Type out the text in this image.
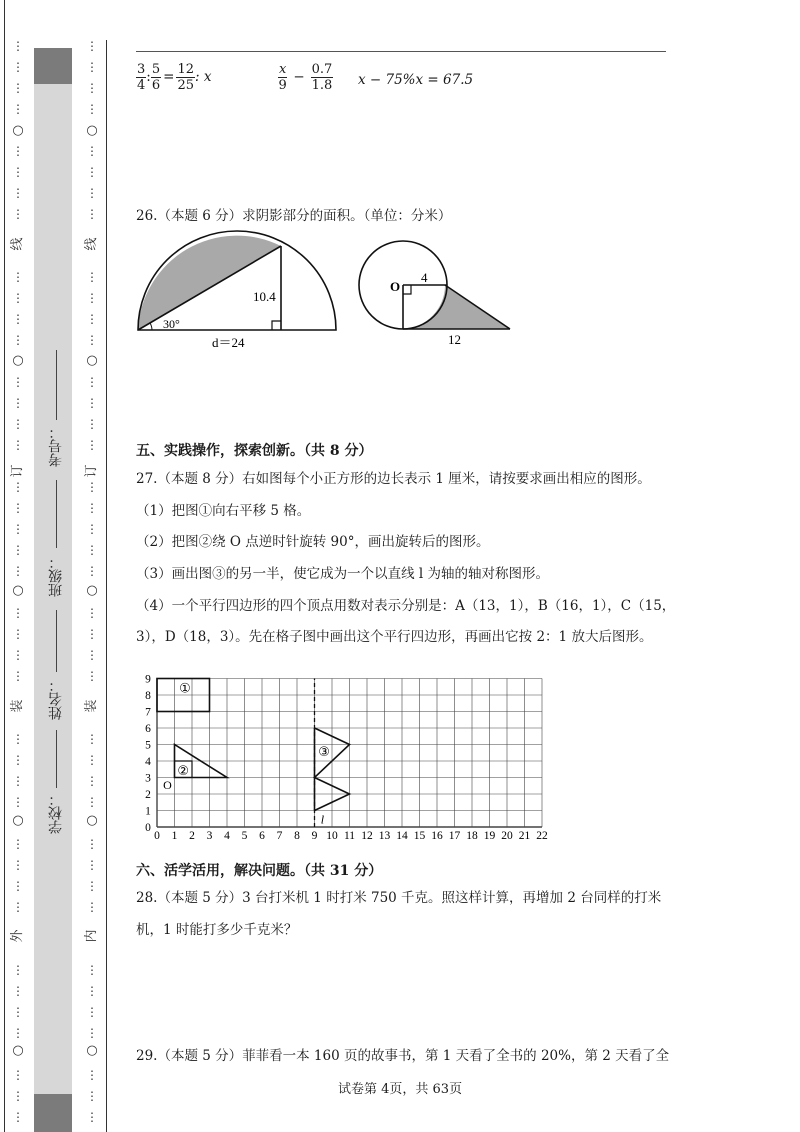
⋮
⋮
⋮
⋮
○
⋮
⋮
⋮
⋮
线
⋮
⋮
⋮
⋮
○
⋮
⋮
⋮
⋮
订
⋮
⋮
⋮
⋮
⋮
○
⋮
⋮
⋮
⋮
装
⋮
⋮
⋮
⋮
○
⋮
⋮
⋮
⋮
外
⋮
⋮
⋮
⋮
○
⋮
⋮
⋮
⋮
⋮
⋮
⋮
○
⋮
⋮
⋮
⋮
线
⋮
⋮
⋮
⋮
○
⋮
⋮
⋮
⋮
订
⋮
⋮
⋮
⋮
⋮
○
⋮
⋮
⋮
⋮
装
⋮
⋮
⋮
⋮
○
⋮
⋮
⋮
⋮
内
⋮
⋮
⋮
⋮
○
⋮
⋮
⋮
考号：
班级：
姓名：
学校：
$\frac{3}{4}$ : $\frac{5}{6} = \frac{12}{25}$ : x	$\frac{x}{9} - \frac{0.7}{1.8}$ x − 75%x = 67.5
26.（本题 6 分）求阴影部分的面积。（单位：分米）
10.4
30°
d＝24
O
4
12
五、实践操作，探索创新。（共 8 分）
27.（本题 8 分）右如图每个小正方形的边长表示 1 厘米，请按要求画出相应的图形。
（1）把图①向右平移 5 格。
（2）把图②绕 O 点逆时针旋转 90°，画出旋转后的图形。
（3）画出图③的另一半，使它成为一个以直线 l 为轴的轴对称图形。
（4）一个平行四边形的四个顶点用数对表示分别是：A（13，1），B（16，1），C（15，
3），D（18，3）。先在格子图中画出这个平行四边形，再画出它按 2：1 放大后图形。
0 1 2 3 4 5 6 7 8 9 10 11 12 13 14 15 16 17 18 19 20 21 22
0
1
2
3
4
5
6
7
8
9
①
②
O
③
l
六、活学活用，解决问题。（共 31 分）
28.（本题 5 分）3 台打米机 1 时打米 750 千克。照这样计算，再增加 2 台同样的打米
机，1 时能打多少千克米？
29.（本题 5 分）菲菲看一本 160 页的故事书，第 1 天看了全书的 20%，第 2 天看了全
试卷第 4页，共 63页
